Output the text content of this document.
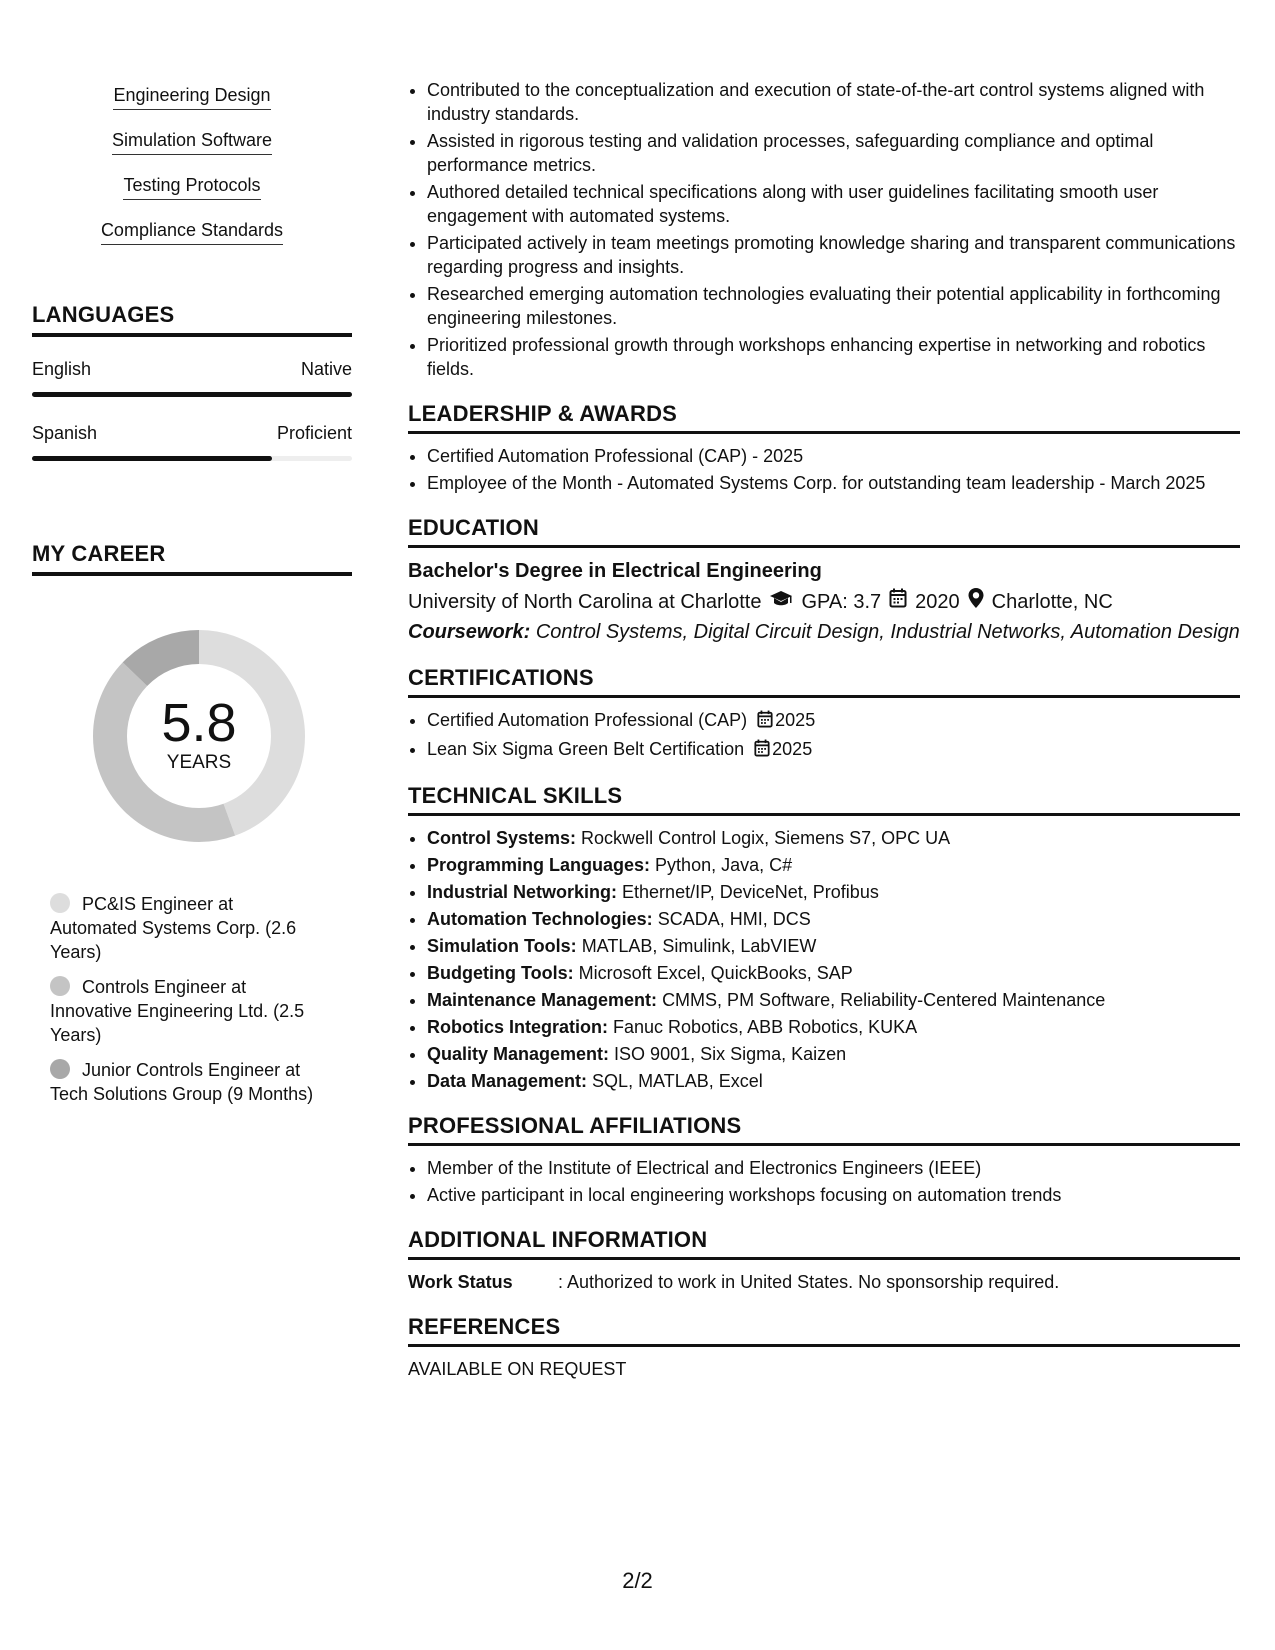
Engineering Design
Simulation Software
Testing Protocols
Compliance Standards
LANGUAGES
English	Native
Spanish	Proficient
MY CAREER
5.8
YEARS
PC&IS Engineer at Automated Systems Corp. (2.6 Years)
Controls Engineer at Innovative Engineering Ltd. (2.5 Years)
Junior Controls Engineer at Tech Solutions Group (9 Months)
• Contributed to the conceptualization and execution of state-of-the-art control systems aligned with industry standards.
• Assisted in rigorous testing and validation processes, safeguarding compliance and optimal performance metrics.
• Authored detailed technical specifications along with user guidelines facilitating smooth user engagement with automated systems.
• Participated actively in team meetings promoting knowledge sharing and transparent communications regarding progress and insights.
• Researched emerging automation technologies evaluating their potential applicability in forthcoming engineering milestones.
• Prioritized professional growth through workshops enhancing expertise in networking and robotics fields.
LEADERSHIP & AWARDS
• Certified Automation Professional (CAP) - 2025
• Employee of the Month - Automated Systems Corp. for outstanding team leadership - March 2025
EDUCATION
Bachelor's Degree in Electrical Engineering
University of North Carolina at Charlotte GPA: 3.7 2020 Charlotte, NC
Coursework: Control Systems, Digital Circuit Design, Industrial Networks, Automation Design
CERTIFICATIONS
• Certified Automation Professional (CAP) 2025
• Lean Six Sigma Green Belt Certification 2025
TECHNICAL SKILLS
• Control Systems: Rockwell Control Logix, Siemens S7, OPC UA
• Programming Languages: Python, Java, C#
• Industrial Networking: Ethernet/IP, DeviceNet, Profibus
• Automation Technologies: SCADA, HMI, DCS
• Simulation Tools: MATLAB, Simulink, LabVIEW
• Budgeting Tools: Microsoft Excel, QuickBooks, SAP
• Maintenance Management: CMMS, PM Software, Reliability-Centered Maintenance
• Robotics Integration: Fanuc Robotics, ABB Robotics, KUKA
• Quality Management: ISO 9001, Six Sigma, Kaizen
• Data Management: SQL, MATLAB, Excel
PROFESSIONAL AFFILIATIONS
• Member of the Institute of Electrical and Electronics Engineers (IEEE)
• Active participant in local engineering workshops focusing on automation trends
ADDITIONAL INFORMATION
Work Status	: Authorized to work in United States. No sponsorship required.
REFERENCES
AVAILABLE ON REQUEST
2/2
